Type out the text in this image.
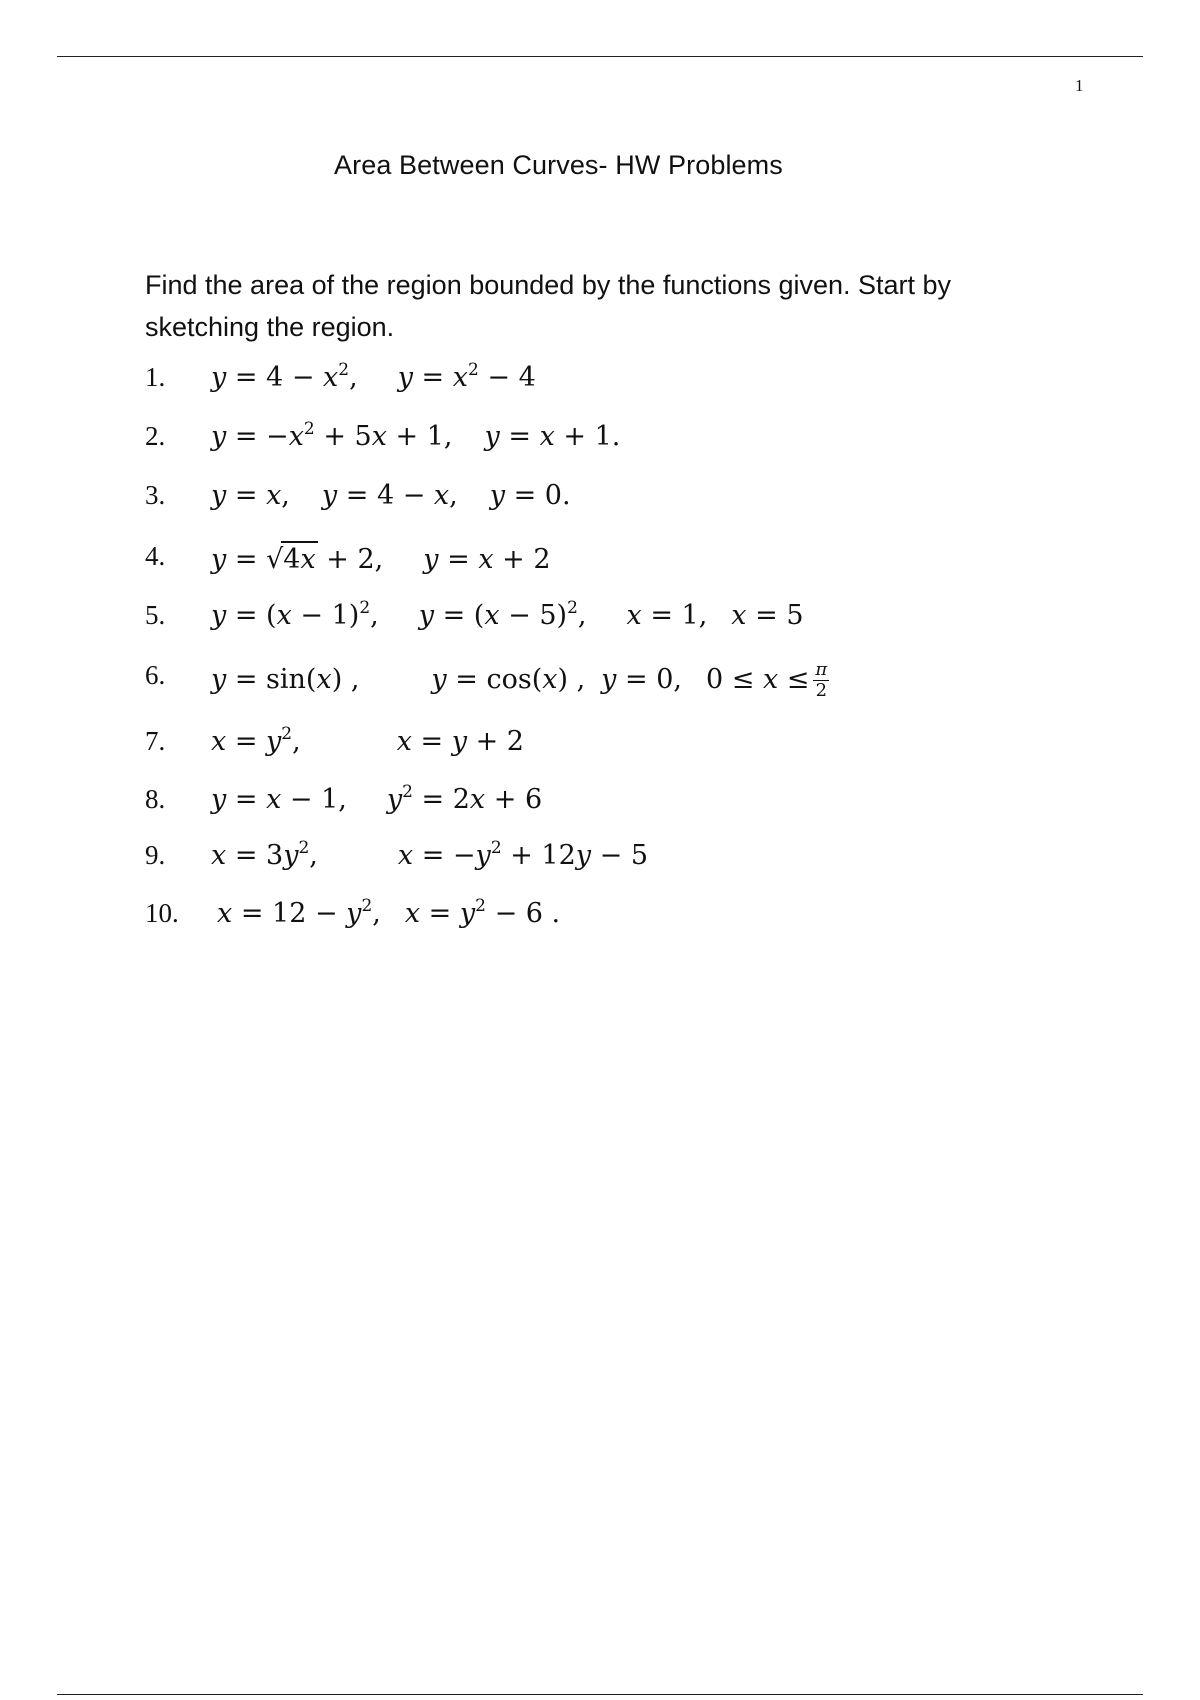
1
Area Between Curves- HW Problems
Find the area of the region bounded by the functions given. Start by sketching the region.
1. $y = 4 - x^2$, $y = x^2 - 4$
2. $y = -x^2 + 5x + 1$, y = x + 1.
3. y = x, y = 4 − x, y = 0.
4. y = √4x + 2, y = x + 2
5. $y = (x - 1)^2$, $y = (x - 5)^2$, x = 1, x = 5
6. y = sin(x) ,	y = cos(x) , y = 0, $0 \le x \le \frac{\pi}{2}$
7. $x = y^2$,	x = y + 2
8. y = x − 1, $y^2 = 2x + 6$
9. $x = 3y^2$,	$x = -y^2 + 12y - 5$
10. $x = 12 - y^2$, $x = y^2 - 6$ .
